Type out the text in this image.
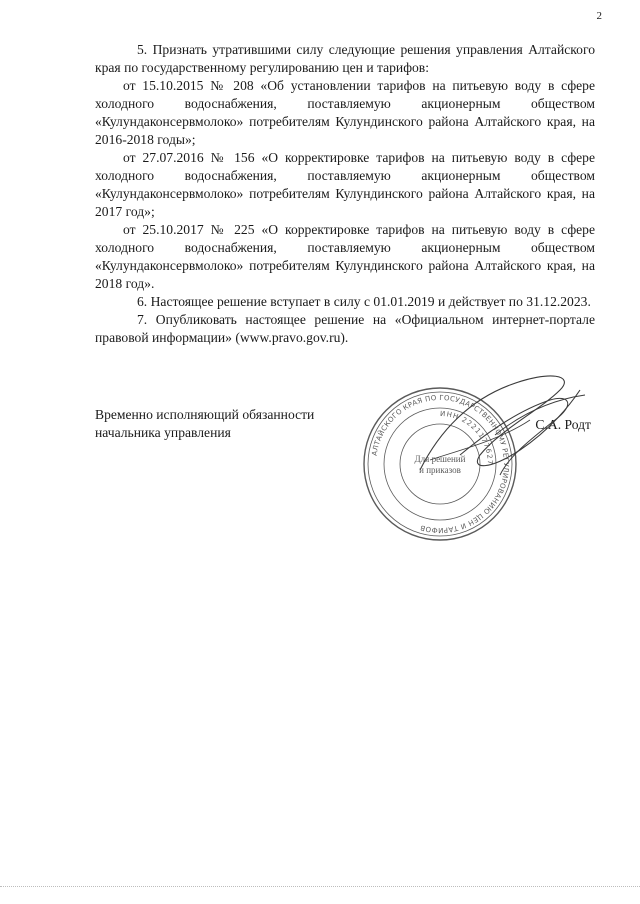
2

5. Признать утратившими силу следующие решения управления Алтайского края по государственному регулированию цен и тарифов:

от 15.10.2015 № 208 «Об установлении тарифов на питьевую воду в сфере холодного водоснабжения, поставляемую акционерным обществом «Кулундаконсервмолоко» потребителям Кулундинского района Алтайского края, на 2016-2018 годы»;

от 27.07.2016 № 156 «О корректировке тарифов на питьевую воду в сфере холодного водоснабжения, поставляемую акционерным обществом «Кулундаконсервмолоко» потребителям Кулундинского района Алтайского края, на 2017 год»;

от 25.10.2017 № 225 «О корректировке тарифов на питьевую воду в сфере холодного водоснабжения, поставляемую акционерным обществом «Кулундаконсервмолоко» потребителям Кулундинского района Алтайского края, на 2018 год».

6. Настоящее решение вступает в силу с 01.01.2019 и действует по 31.12.2023.

7. Опубликовать настоящее решение на «Официальном интернет-портале правовой информации» (www.pravo.gov.ru).

Временно исполняющий обязанности
начальника управления
С.А. Родт
АЛТАЙСКОГО КРАЯ ПО ГОСУДАРСТВЕННОМУ РЕГУЛИРОВАНИЮ ЦЕН И ТАРИФОВ
ИНН 2221177627
Для решений
и приказов
